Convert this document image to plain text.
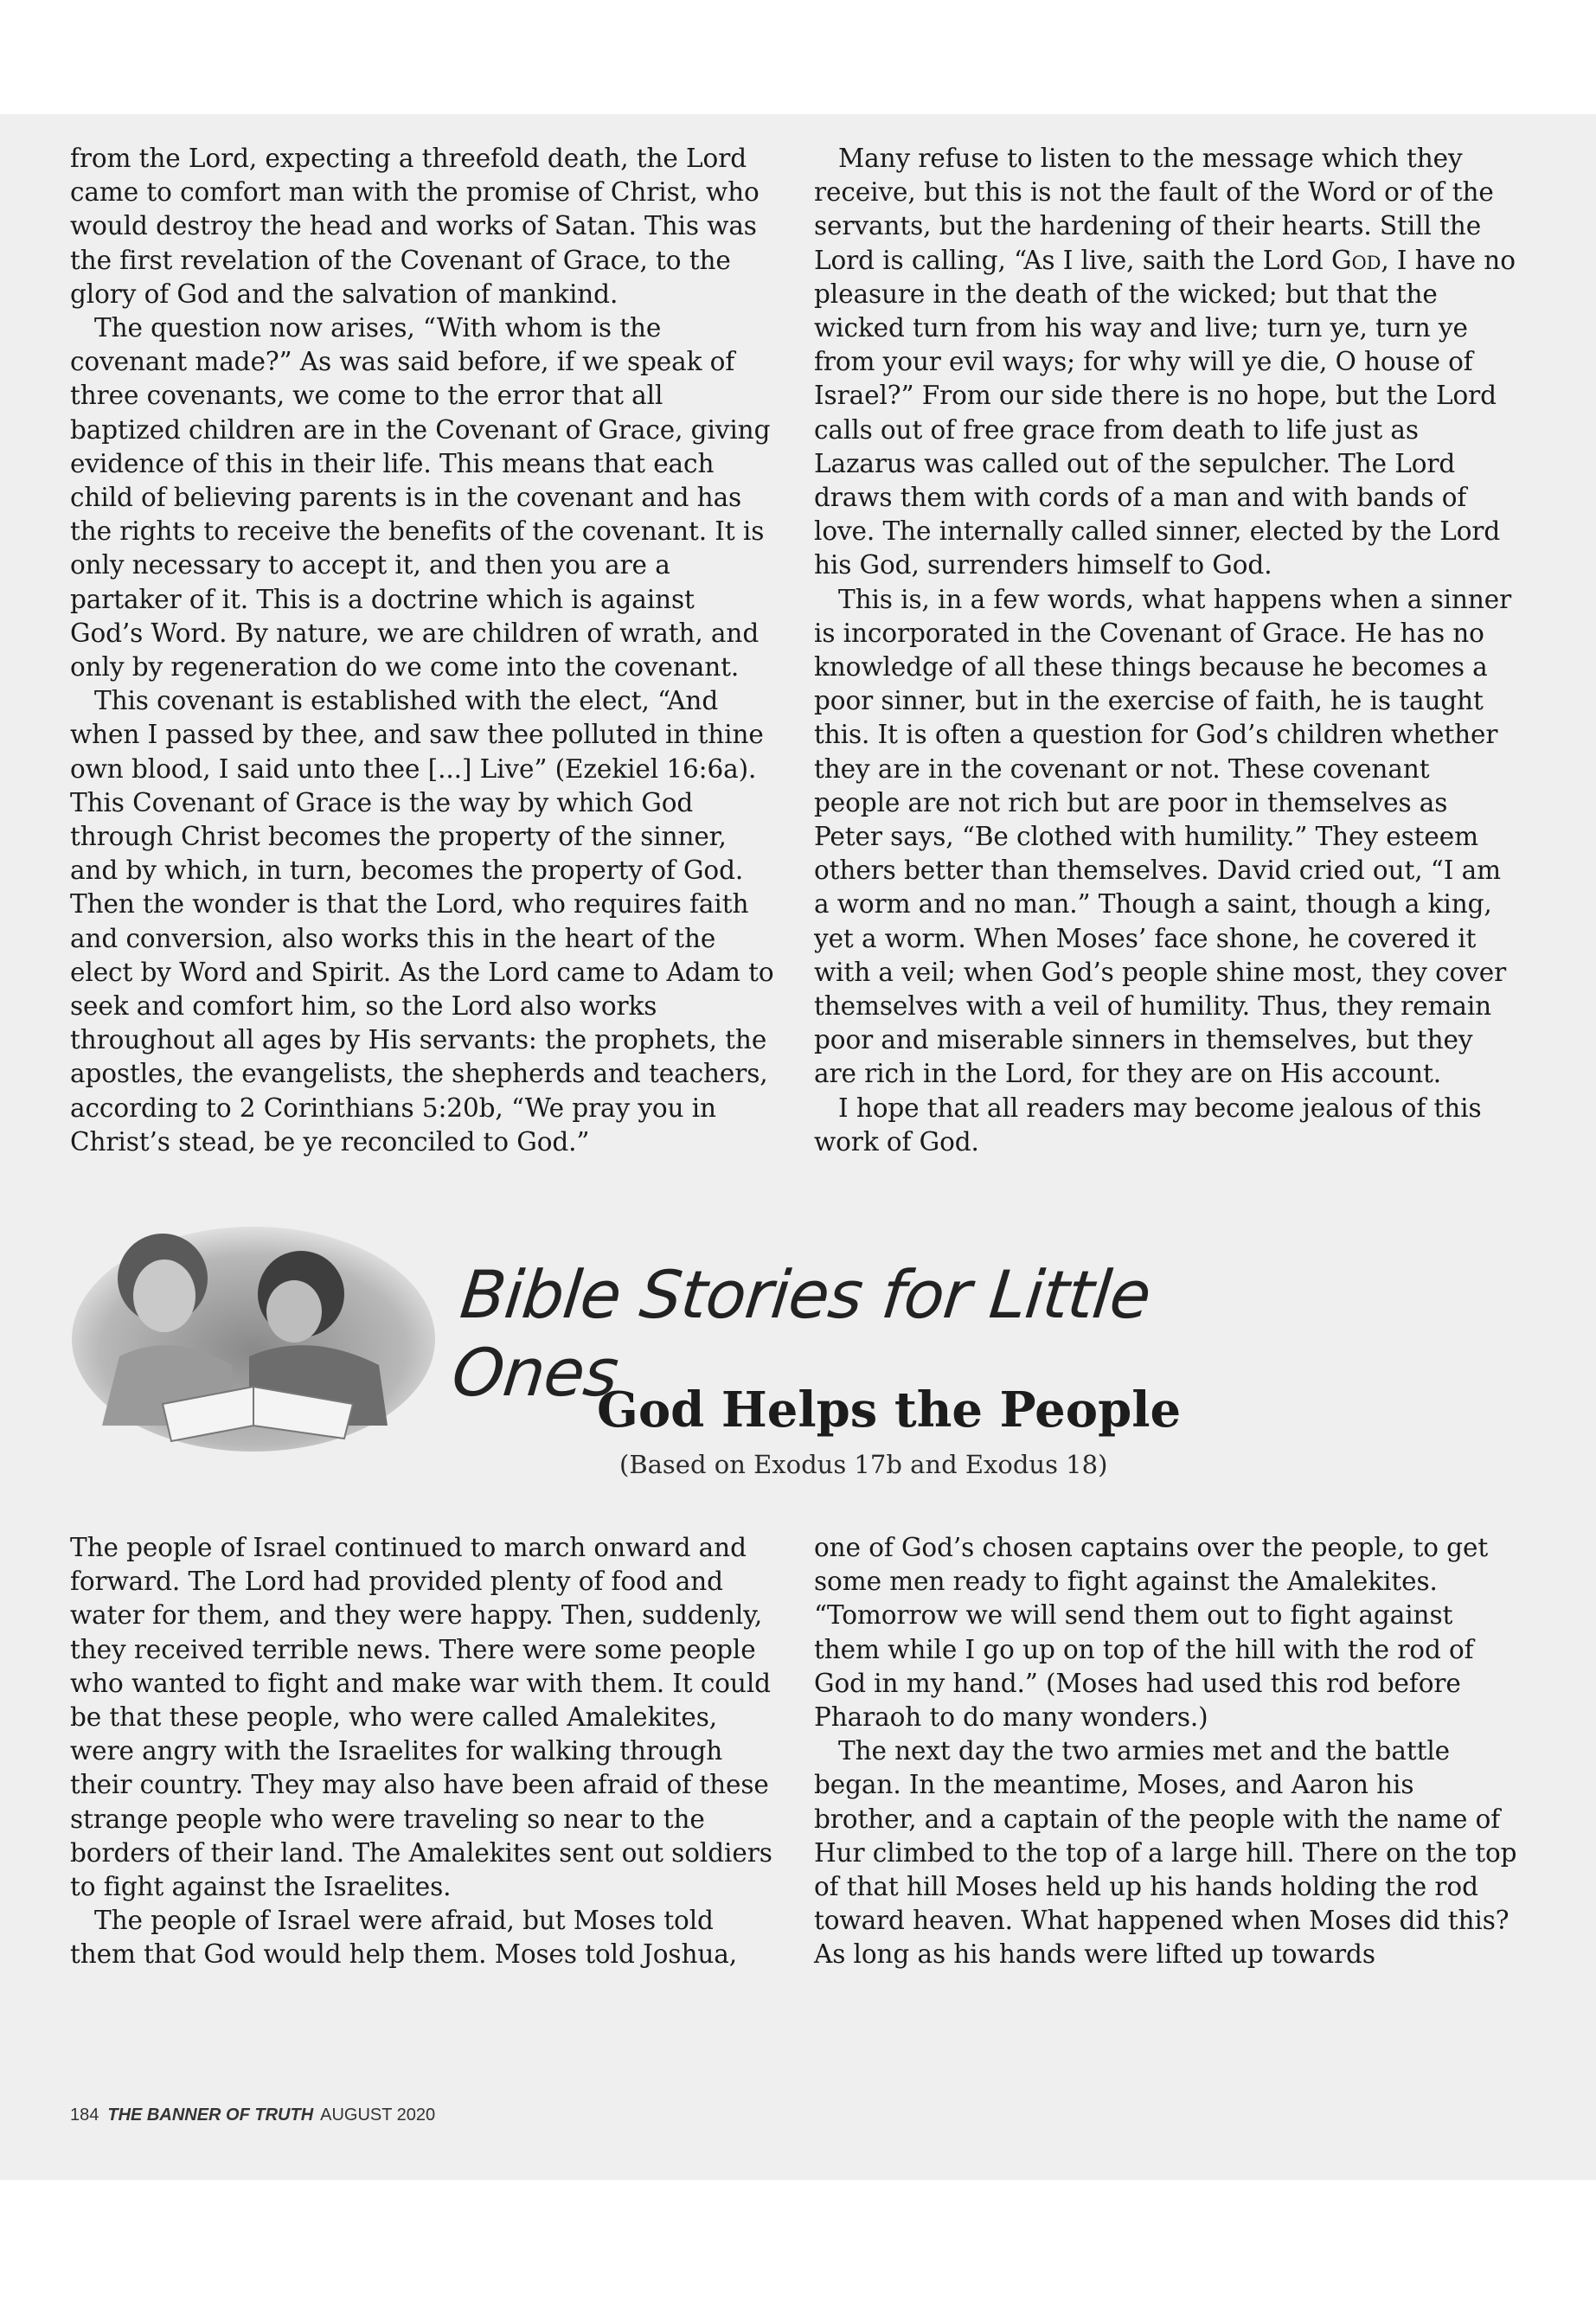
from the Lord, expecting a threefold death, the Lord came to comfort man with the promise of Christ, who would destroy the head and works of Satan. This was the first revelation of the Covenant of Grace, to the glory of God and the salvation of mankind.

The question now arises, “With whom is the covenant made?” As was said before, if we speak of three covenants, we come to the error that all baptized children are in the Covenant of Grace, giving evidence of this in their life. This means that each child of believing parents is in the covenant and has the rights to receive the benefits of the covenant. It is only necessary to accept it, and then you are a partaker of it. This is a doctrine which is against God’s Word. By nature, we are children of wrath, and only by regeneration do we come into the covenant.

This covenant is established with the elect, “And when I passed by thee, and saw thee polluted in thine own blood, I said unto thee [...] Live” (Ezekiel 16:6a). This Covenant of Grace is the way by which God through Christ becomes the property of the sinner, and by which, in turn, becomes the property of God. Then the wonder is that the Lord, who requires faith and conversion, also works this in the heart of the elect by Word and Spirit. As the Lord came to Adam to seek and comfort him, so the Lord also works throughout all ages by His servants: the prophets, the apostles, the evangelists, the shepherds and teachers, according to 2 Corinthians 5:20b, “We pray you in Christ’s stead, be ye reconciled to God.”

Many refuse to listen to the message which they receive, but this is not the fault of the Word or of the servants, but the hardening of their hearts. Still the Lord is calling, “As I live, saith the Lord God, I have no pleasure in the death of the wicked; but that the wicked turn from his way and live; turn ye, turn ye from your evil ways; for why will ye die, O house of Israel?” From our side there is no hope, but the Lord calls out of free grace from death to life just as Lazarus was called out of the sepulcher. The Lord draws them with cords of a man and with bands of love. The internally called sinner, elected by the Lord his God, surrenders himself to God.

This is, in a few words, what happens when a sinner is incorporated in the Covenant of Grace. He has no knowledge of all these things because he becomes a poor sinner, but in the exercise of faith, he is taught this. It is often a question for God’s children whether they are in the covenant or not. These covenant people are not rich but are poor in themselves as Peter says, “Be clothed with humility.” They esteem others better than themselves. David cried out, “I am a worm and no man.” Though a saint, though a king, yet a worm. When Moses’ face shone, he covered it with a veil; when God’s people shine most, they cover themselves with a veil of humility. Thus, they remain poor and miserable sinners in themselves, but they are rich in the Lord, for they are on His account.

I hope that all readers may become jealous of this work of God.

Bible Stories for Little Ones
God Helps the People
(Based on Exodus 17b and Exodus 18)

The people of Israel continued to march onward and forward. The Lord had provided plenty of food and water for them, and they were happy. Then, suddenly, they received terrible news. There were some people who wanted to fight and make war with them. It could be that these people, who were called Amalekites, were angry with the Israelites for walking through their country. They may also have been afraid of these strange people who were traveling so near to the borders of their land. The Amalekites sent out soldiers to fight against the Israelites.

The people of Israel were afraid, but Moses told them that God would help them. Moses told Joshua,

one of God’s chosen captains over the people, to get some men ready to fight against the Amalekites. “Tomorrow we will send them out to fight against them while I go up on top of the hill with the rod of God in my hand.” (Moses had used this rod before Pharaoh to do many wonders.)

The next day the two armies met and the battle began. In the meantime, Moses, and Aaron his brother, and a captain of the people with the name of Hur climbed to the top of a large hill. There on the top of that hill Moses held up his hands holding the rod toward heaven. What happened when Moses did this? As long as his hands were lifted up towards

184 THE BANNER OF TRUTH AUGUST 2020
